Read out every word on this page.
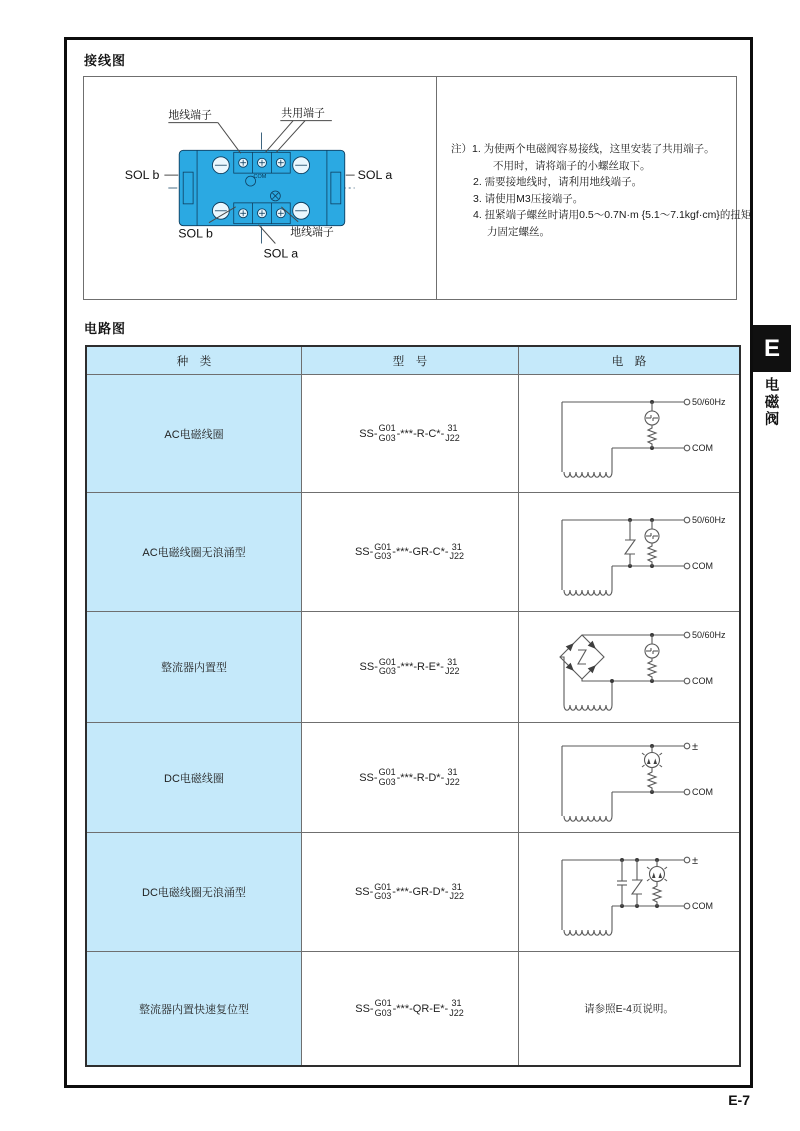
接线图
COM
地线端子	共用端子
SOL b	SOL a
SOL b	地线端子
SOL a
注）1. 为使两个电磁阀容易接线，这里安装了共用端子。
不用时，请将端子的小螺丝取下。
2. 需要接地线时，请利用地线端子。
3. 请使用M3压接端子。
4. 扭紧端子螺丝时请用0.5～0.7N·m {5.1～7.1kgf·cm}的扭矩
力固定螺丝。
电路图
种　类	型　号	电　路
AC电磁线圈	SS- G01
G03 -***-R-C*- 31
J22
50/60Hz
COM
AC电磁线圈无浪涌型	SS- G01
G03 -***-GR-C*- 31
J22
50/60Hz
COM
整流器内置型	SS- G01
G03 -***-R-E*- 31
J22
50/60Hz
COM
DC电磁线圈	SS- G01
G03 -***-R-D*- 31
J22
±
COM
DC电磁线圈无浪涌型	SS- G01
G03 -***-GR-D*- 31
J22
±
COM
整流器内置快速复位型	SS- G01
G03 -***-QR-E*- 31
J22	请参照E-4页说明。
E
电
磁
阀
E-7
